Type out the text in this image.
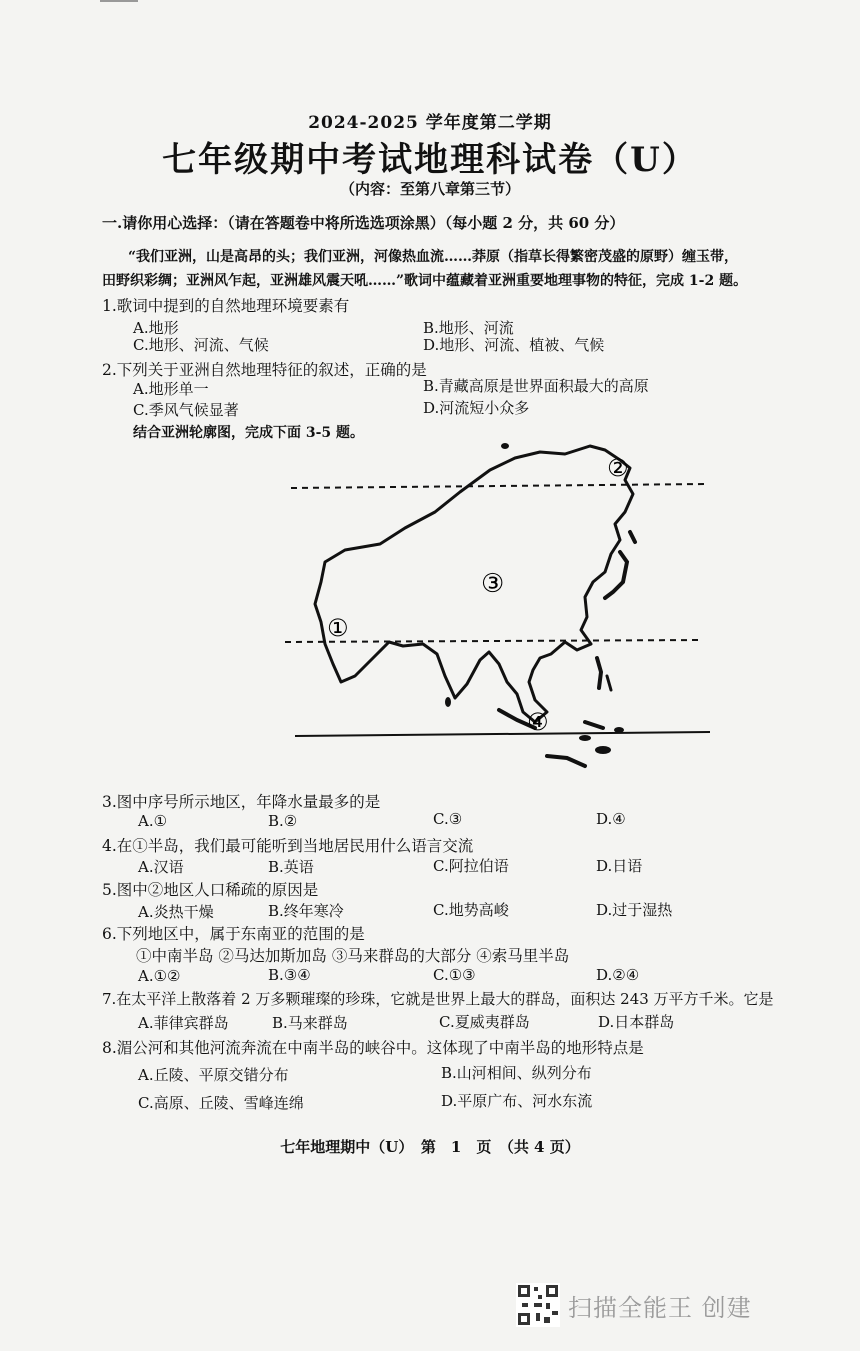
2024-2025 学年度第二学期
七年级期中考试地理科试卷（U）
（内容：至第八章第三节）
一.请你用心选择：（请在答题卷中将所选选项涂黑）（每小题 2 分，共 60 分）
“我们亚洲，山是高昂的头；我们亚洲，河像热血流……莽原（指草长得繁密茂盛的原野）缠玉带，
田野织彩绸；亚洲风乍起，亚洲雄风震天吼……”歌词中蕴藏着亚洲重要地理事物的特征，完成 1-2 题。
1.歌词中提到的自然地理环境要素有
A.地形	B.地形、河流
C.地形、河流、气候	D.地形、河流、植被、气候
2.下列关于亚洲自然地理特征的叙述，正确的是
A.地形单一	B.青藏高原是世界面积最大的高原
C.季风气候显著	D.河流短小众多
结合亚洲轮廓图，完成下面 3-5 题。
①
②
③
④
3.图中序号所示地区，年降水量最多的是
A.①	B.②	C.③	D.④
4.在①半岛，我们最可能听到当地居民用什么语言交流
A.汉语	B.英语	C.阿拉伯语	D.日语
5.图中②地区人口稀疏的原因是
A.炎热干燥	B.终年寒冷	C.地势高峻	D.过于湿热
6.下列地区中，属于东南亚的范围的是
①中南半岛 ②马达加斯加岛 ③马来群岛的大部分 ④索马里半岛
A.①②	B.③④	C.①③	D.②④
7.在太平洋上散落着 2 万多颗璀璨的珍珠，它就是世界上最大的群岛，面积达 243 万平方千米。它是
A.菲律宾群岛	B.马来群岛	C.夏威夷群岛	D.日本群岛
8.湄公河和其他河流奔流在中南半岛的峡谷中。这体现了中南半岛的地形特点是
A.丘陵、平原交错分布	B.山河相间、纵列分布
C.高原、丘陵、雪峰连绵	D.平原广布、河水东流
七年地理期中（U）　第　1　页　（共 4 页）
扫描全能王 创建
